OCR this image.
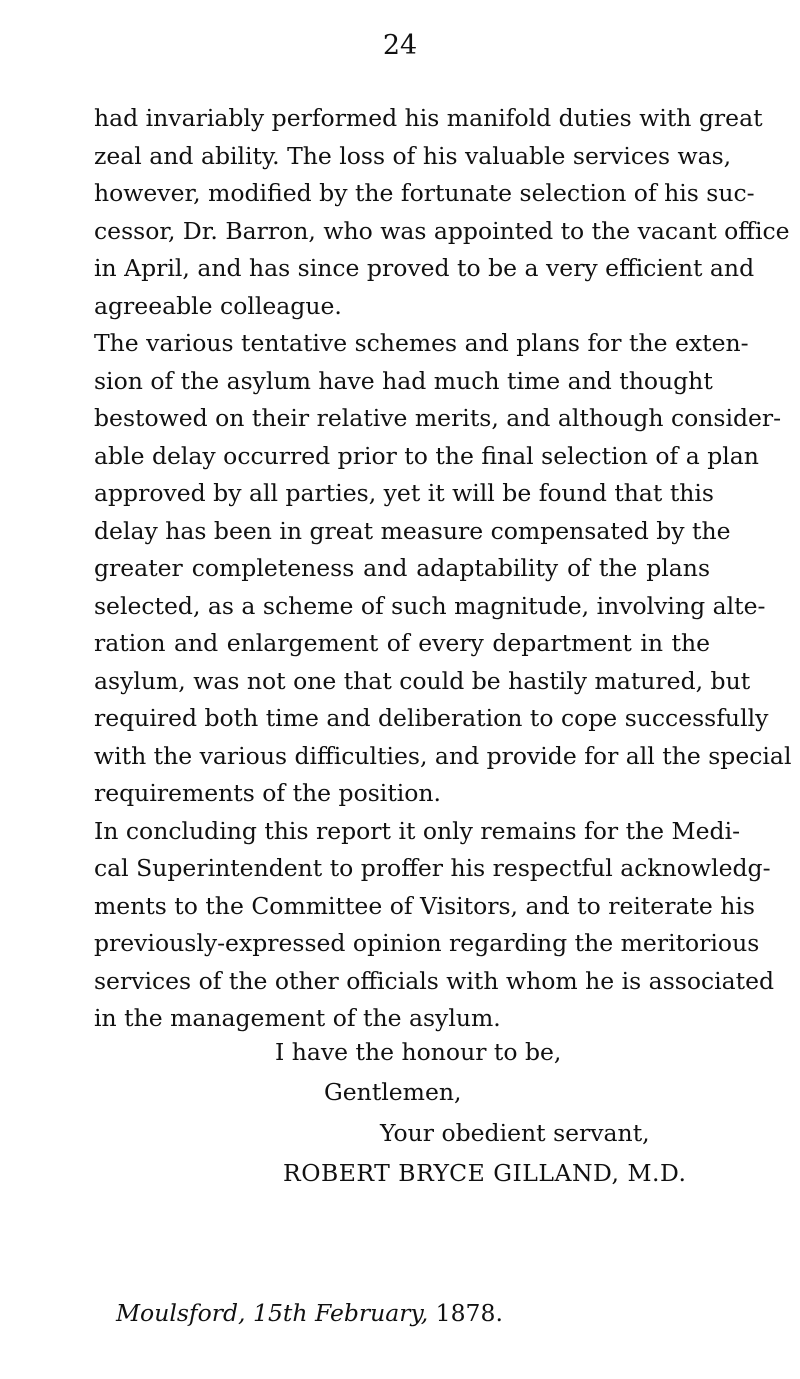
24
had invariably performed his manifold duties with great
zeal and ability. The loss of his valuable services was,
however, modified by the fortunate selection of his suc-
cessor, Dr. Barron, who was appointed to the vacant office
in April, and has since proved to be a very efficient and
agreeable colleague.
The various tentative schemes and plans for the exten-
sion of the asylum have had much time and thought
bestowed on their relative merits, and although consider-
able delay occurred prior to the final selection of a plan
approved by all parties, yet it will be found that this
delay has been in great measure compensated by the
greater completeness and adaptability of the plans
selected, as a scheme of such magnitude, involving alte-
ration and enlargement of every department in the
asylum, was not one that could be hastily matured, but
required both time and deliberation to cope successfully
with the various difficulties, and provide for all the special
requirements of the position.
In concluding this report it only remains for the Medi-
cal Superintendent to proffer his respectful acknowledg-
ments to the Committee of Visitors, and to reiterate his
previously-expressed opinion regarding the meritorious
services of the other officials with whom he is associated
in the management of the asylum.
I have the honour to be,
Gentlemen,
Your obedient servant,
ROBERT BRYCE GILLAND, M.D.
Moulsford, 15th February, 1878.
